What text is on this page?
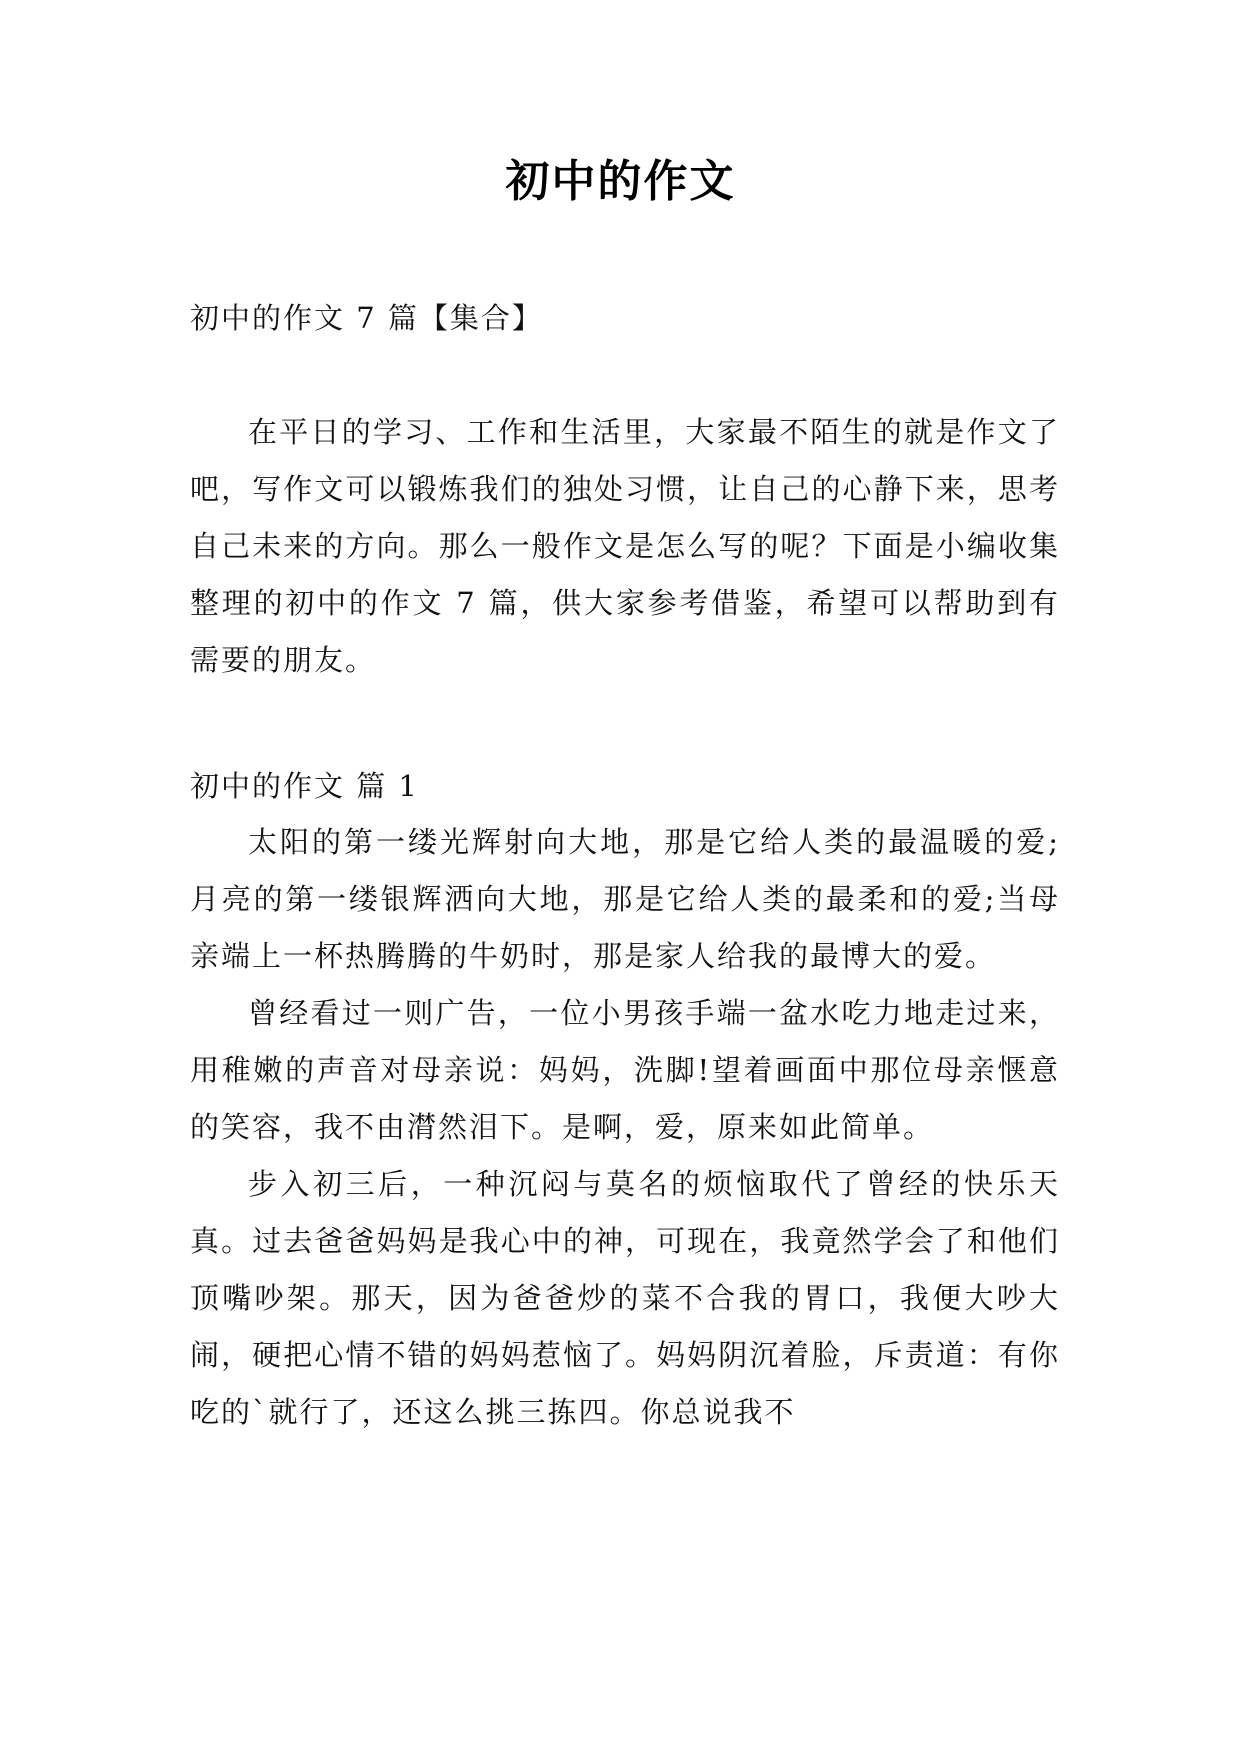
初中的作文
初中的作文 7 篇【集合】

在平日的学习、工作和生活里，大家最不陌生的就是作文了吧，写作文可以锻炼我们的独处习惯，让自己的心静下来，思考自己未来的方向。那么一般作文是怎么写的呢？下面是小编收集整理的初中的作文 7 篇，供大家参考借鉴，希望可以帮助到有需要的朋友。

初中的作文 篇 1

太阳的第一缕光辉射向大地，那是它给人类的最温暖的爱;月亮的第一缕银辉洒向大地，那是它给人类的最柔和的爱;当母亲端上一杯热腾腾的牛奶时，那是家人给我的最博大的爱。

曾经看过一则广告，一位小男孩手端一盆水吃力地走过来，用稚嫩的声音对母亲说：妈妈，洗脚!望着画面中那位母亲惬意的笑容，我不由潸然泪下。是啊，爱，原来如此简单。

步入初三后，一种沉闷与莫名的烦恼取代了曾经的快乐天真。过去爸爸妈妈是我心中的神，可现在，我竟然学会了和他们顶嘴吵架。那天，因为爸爸炒的菜不合我的胃口，我便大吵大闹，硬把心情不错的妈妈惹恼了。妈妈阴沉着脸，斥责道：有你吃的`就行了，还这么挑三拣四。你总说我不
